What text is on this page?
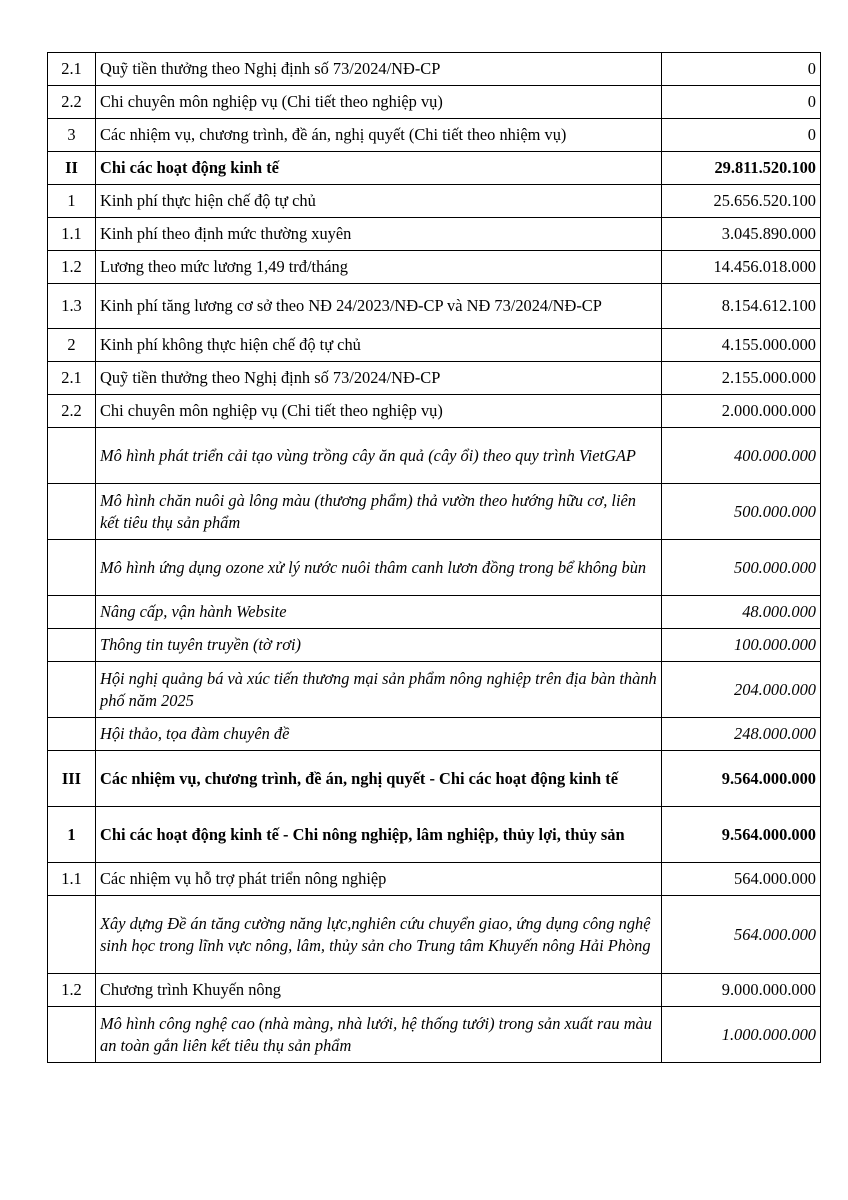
2.1	Quỹ tiền thưởng theo Nghị định số 73/2024/NĐ-CP	0
2.2	Chi chuyên môn nghiệp vụ (Chi tiết theo nghiệp vụ)	0
3	Các nhiệm vụ, chương trình, đề án, nghị quyết (Chi tiết theo nhiệm vụ)	0
II	Chi các hoạt động kinh tế	29.811.520.100
1	Kinh phí thực hiện chế độ tự chủ	25.656.520.100
1.1	Kinh phí theo định mức thường xuyên	3.045.890.000
1.2	Lương theo mức lương 1,49 trđ/tháng	14.456.018.000
1.3	Kinh phí tăng lương cơ sở theo NĐ 24/2023/NĐ-CP và NĐ 73/2024/NĐ-CP	8.154.612.100
2	Kinh phí không thực hiện chế độ tự chủ	4.155.000.000
2.1	Quỹ tiền thưởng theo Nghị định số 73/2024/NĐ-CP	2.155.000.000
2.2	Chi chuyên môn nghiệp vụ (Chi tiết theo nghiệp vụ)	2.000.000.000
	Mô hình phát triển cải tạo vùng trồng cây ăn quả (cây ổi) theo quy trình VietGAP	400.000.000
	Mô hình chăn nuôi gà lông màu (thương phẩm) thả vườn theo hướng hữu cơ, liên kết tiêu thụ sản phẩm	500.000.000
	Mô hình ứng dụng ozone xử lý nước nuôi thâm canh lươn đồng trong bể không bùn	500.000.000
	Nâng cấp, vận hành Website	48.000.000
	Thông tin tuyên truyền (tờ rơi)	100.000.000
	Hội nghị quảng bá và xúc tiến thương mại sản phẩm nông nghiệp trên địa bàn thành phố năm 2025	204.000.000
	Hội thảo, tọa đàm chuyên đề	248.000.000
III	Các nhiệm vụ, chương trình, đề án, nghị quyết - Chi các hoạt động kinh tế	9.564.000.000
1	Chi các hoạt động kinh tế - Chi nông nghiệp, lâm nghiệp, thủy lợi, thủy sản	9.564.000.000
1.1	Các nhiệm vụ hỗ trợ phát triển nông nghiệp	564.000.000
	Xây dựng Đề án tăng cường năng lực,nghiên cứu chuyển giao, ứng dụng công nghệ sinh học trong lĩnh vực nông, lâm, thủy sản cho Trung tâm Khuyến nông Hải Phòng	564.000.000
1.2	Chương trình Khuyến nông	9.000.000.000
	Mô hình công nghệ cao (nhà màng, nhà lưới, hệ thống tưới) trong sản xuất rau màu an toàn gắn liên kết tiêu thụ sản phẩm	1.000.000.000
